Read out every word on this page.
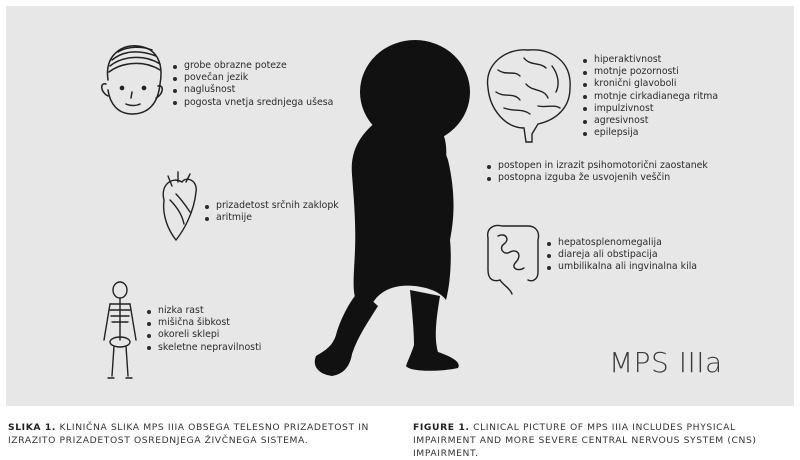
grobe obrazne poteze
povečan jezik
naglušnost
pogosta vnetja srednjega ušesa
prizadetost srčnih zaklopk
aritmije
nizka rast
mišična šibkost
okoreli sklepi
skeletne nepravilnosti
hiperaktivnost
motnje pozornosti
kronični glavoboli
motnje cirkadianega ritma
impulzivnost
agresivnost
epilepsija
postopen in izrazit psihomotorični zaostanek
postopna izguba že usvojenih veščin
hepatosplenomegalija
diareja ali obstipacija
umbilikalna ali ingvinalna kila
MPS IIIa
SLIKA 1. KLINIČNA SLIKA MPS IIIA OBSEGA TELESNO PRIZADETOST IN IZRAZITO PRIZADETOST OSREDNJEGA ŽIVČNEGA SISTEMA.
FIGURE 1. CLINICAL PICTURE OF MPS IIIA INCLUDES PHYSICAL IMPAIRMENT AND MORE SEVERE CENTRAL NERVOUS SYSTEM (CNS) IMPAIRMENT.
